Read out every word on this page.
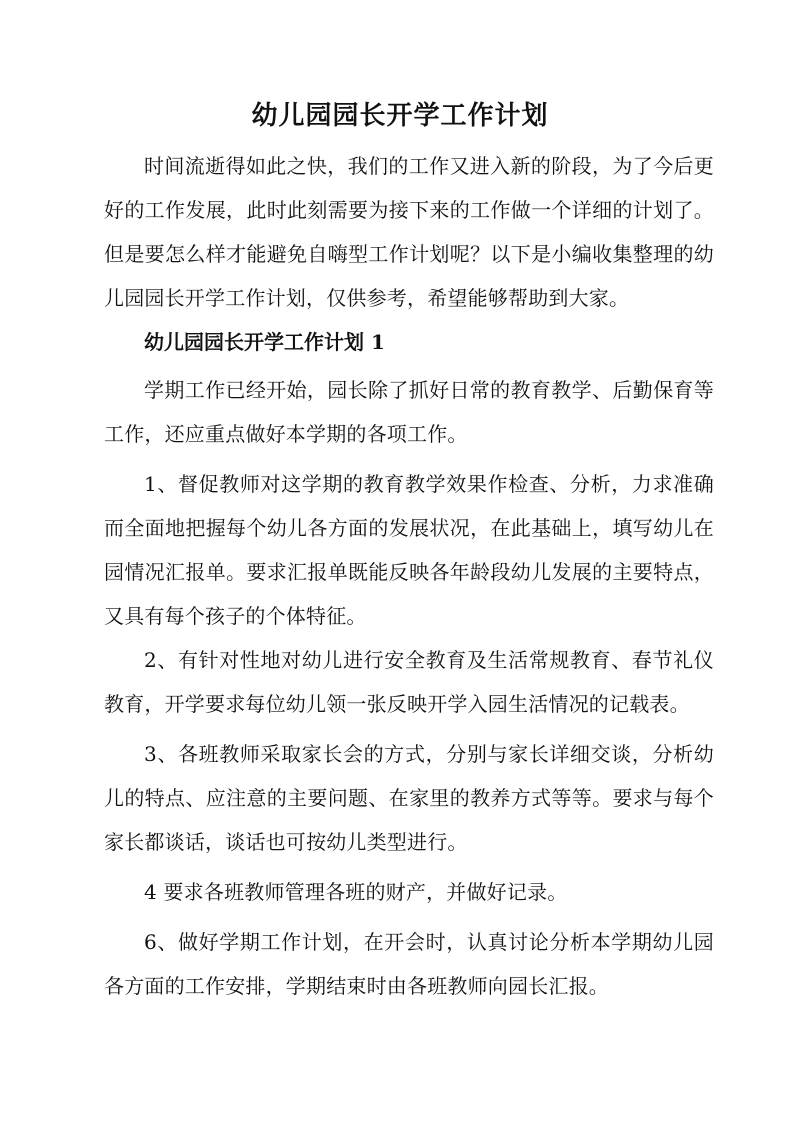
幼儿园园长开学工作计划

时间流逝得如此之快，我们的工作又进入新的阶段，为了今后更好的工作发展，此时此刻需要为接下来的工作做一个详细的计划了。但是要怎么样才能避免自嗨型工作计划呢？以下是小编收集整理的幼儿园园长开学工作计划，仅供参考，希望能够帮助到大家。

幼儿园园长开学工作计划 1

学期工作已经开始，园长除了抓好日常的教育教学、后勤保育等工作，还应重点做好本学期的各项工作。

1、督促教师对这学期的教育教学效果作检查、分析，力求准确而全面地把握每个幼儿各方面的发展状况，在此基础上，填写幼儿在园情况汇报单。要求汇报单既能反映各年龄段幼儿发展的主要特点，又具有每个孩子的个体特征。

2、有针对性地对幼儿进行安全教育及生活常规教育、春节礼仪教育，开学要求每位幼儿领一张反映开学入园生活情况的记载表。

3、各班教师采取家长会的方式，分别与家长详细交谈，分析幼儿的特点、应注意的主要问题、在家里的教养方式等等。要求与每个家长都谈话，谈话也可按幼儿类型进行。

4 要求各班教师管理各班的财产，并做好记录。

6、做好学期工作计划，在开会时，认真讨论分析本学期幼儿园各方面的工作安排，学期结束时由各班教师向园长汇报。
